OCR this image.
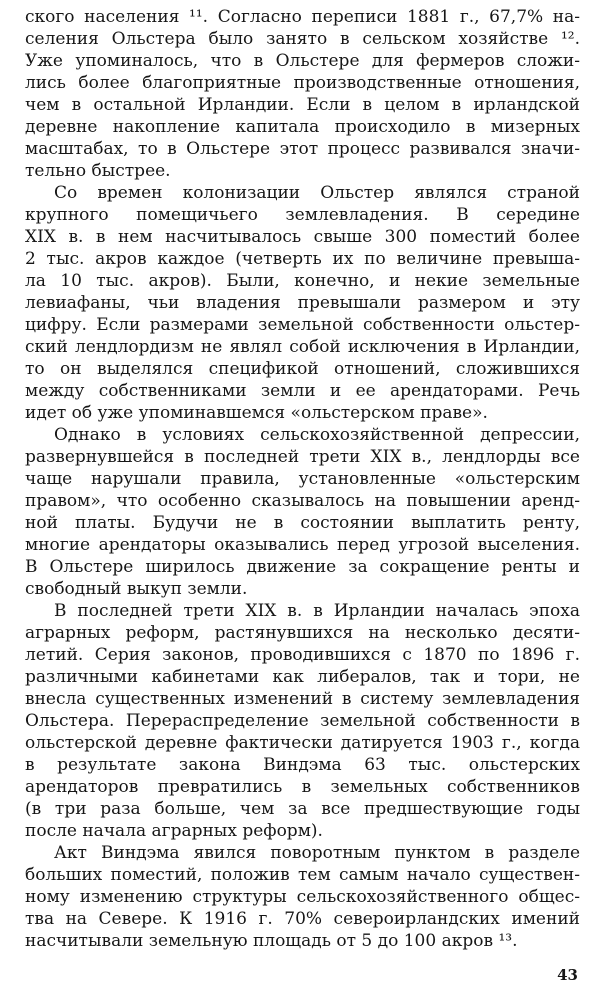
ского населения ¹¹. Согласно переписи 1881 г., 67,7% на-
селения Ольстера было занято в сельском хозяйстве ¹².
Уже упоминалось, что в Ольстере для фермеров сложи-
лись более благоприятные производственные отношения,
чем в остальной Ирландии. Если в целом в ирландской
деревне накопление капитала происходило в мизерных
масштабах, то в Ольстере этот процесс развивался значи-
тельно быстрее.
Со времен колонизации Ольстер являлся страной
крупного помещичьего землевладения. В середине
XIX в. в нем насчитывалось свыше 300 поместий более
2 тыс. акров каждое (четверть их по величине превыша-
ла 10 тыс. акров). Были, конечно, и некие земельные
левиафаны, чьи владения превышали размером и эту
цифру. Если размерами земельной собственности ольстер-
ский лендлордизм не являл собой исключения в Ирландии,
то он выделялся спецификой отношений, сложившихся
между собственниками земли и ее арендаторами. Речь
идет об уже упоминавшемся «ольстерском праве».
Однако в условиях сельскохозяйственной депрессии,
развернувшейся в последней трети XIX в., лендлорды все
чаще нарушали правила, установленные «ольстерским
правом», что особенно сказывалось на повышении аренд-
ной платы. Будучи не в состоянии выплатить ренту,
многие арендаторы оказывались перед угрозой выселения.
В Ольстере ширилось движение за сокращение ренты и
свободный выкуп земли.
В последней трети XIX в. в Ирландии началась эпоха
аграрных реформ, растянувшихся на несколько десяти-
летий. Серия законов, проводившихся с 1870 по 1896 г.
различными кабинетами как либералов, так и тори, не
внесла существенных изменений в систему землевладения
Ольстера. Перераспределение земельной собственности в
ольстерской деревне фактически датируется 1903 г., когда
в результате закона Виндэма 63 тыс. ольстерских
арендаторов превратились в земельных собственников
(в три раза больше, чем за все предшествующие годы
после начала аграрных реформ).
Акт Виндэма явился поворотным пунктом в разделе
больших поместий, положив тем самым начало существен-
ному изменению структуры сельскохозяйственного общес-
тва на Севере. К 1916 г. 70% североирландских имений
насчитывали земельную площадь от 5 до 100 акров ¹³.
43
